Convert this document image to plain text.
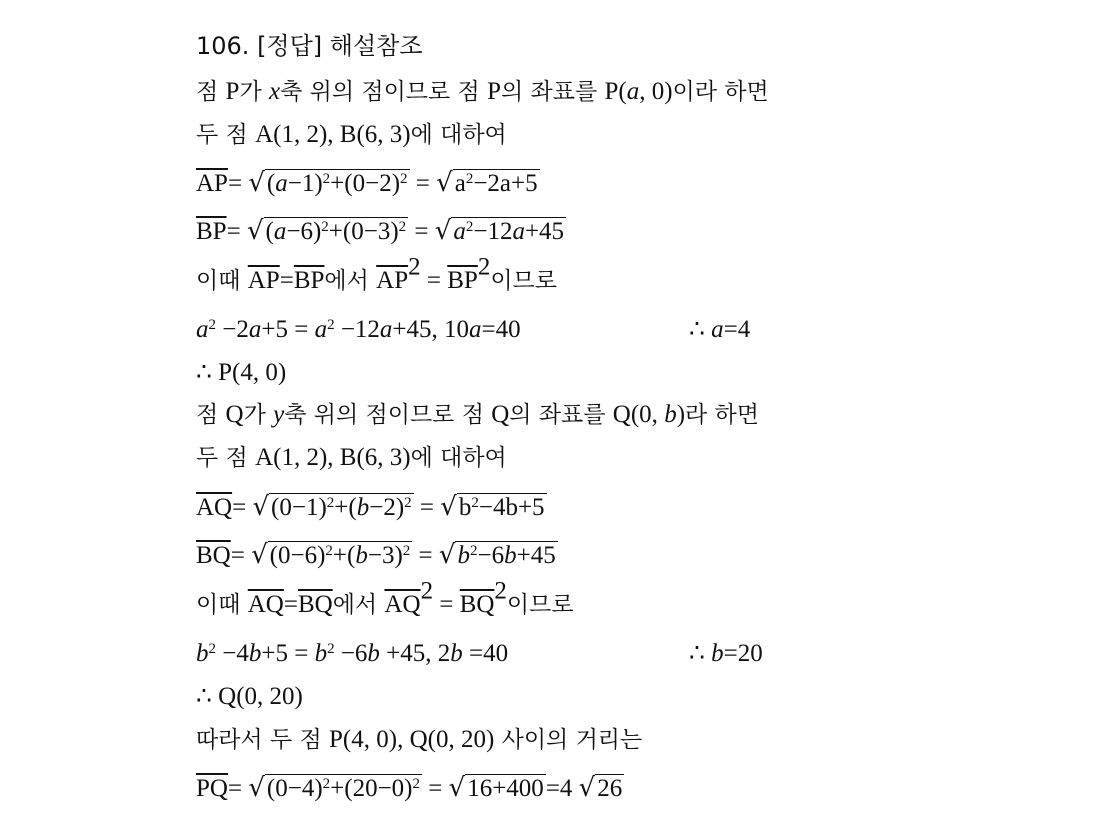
106. [정답] 해설참조
점 P가 x축 위의 점이므로 점 P의 좌표를 P(a, 0)이라 하면
두 점 A(1, 2), B(6, 3)에 대하여
$\overline{AP}= √(a-1)^2+(0-2)^2 = √a^2-2a+5$
$\overline{BP}= √(a-6)^2+(0-3)^2 = √a^2-12a+45$
이때 $\overline{AP}=\overline{BP}$에서 $\overline{AP}^2 = \overline{BP}^2$이므로
$a^2 -2a+5 = a^2 -12a+45$, 10a=40	∴ a=4
∴ P(4, 0)
점 Q가 y축 위의 점이므로 점 Q의 좌표를 Q(0, b)라 하면
두 점 A(1, 2), B(6, 3)에 대하여
$\overline{AQ}= √(0-1)^2+(b-2)^2 = √b^2-4b+5$
$\overline{BQ}= √(0-6)^2+(b-3)^2 = √b^2-6b+45$
이때 $\overline{AQ}=\overline{BQ}$에서 $\overline{AQ}^2 = \overline{BQ}^2$이므로
$b^2 -4b+5 = b^2 -6b +45$, 2b =40	∴ b=20
∴ Q(0, 20)
따라서 두 점 P(4, 0), Q(0, 20) 사이의 거리는
$\overline{PQ}= √(0-4)^2+(20-0)^2 = √16+400=4$ √26
